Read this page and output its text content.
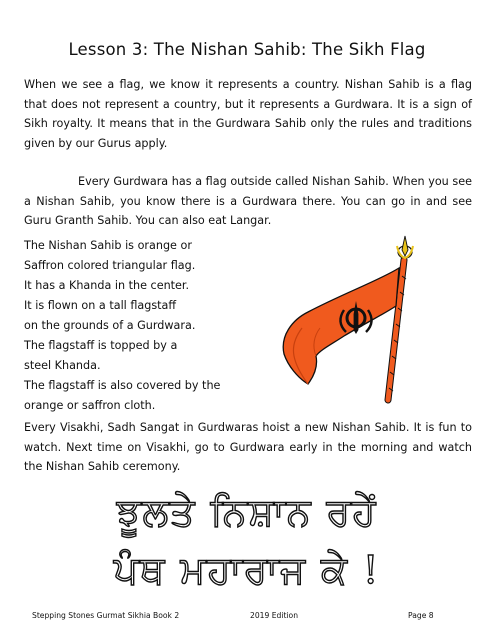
Lesson 3: The Nishan Sahib: The Sikh Flag

When we see a flag, we know it represents a country. Nishan Sahib is a flag that does not represent a country, but it represents a Gurdwara. It is a sign of Sikh royalty. It means that in the Gurdwara Sahib only the rules and traditions given by our Gurus apply.

Every Gurdwara has a flag outside called Nishan Sahib. When you see a Nishan Sahib, you know there is a Gurdwara there. You can go in and see Guru Granth Sahib. You can also eat Langar.

The Nishan Sahib is orange or
Saffron colored triangular flag.
It has a Khanda in the center.
It is flown on a tall flagstaff
on the grounds of a Gurdwara.
The flagstaff is topped by a
steel Khanda.
The flagstaff is also covered by the
orange or saffron cloth.

Every Visakhi, Sadh Sangat in Gurdwaras hoist a new Nishan Sahib. It is fun to watch. Next time on Visakhi, go to Gurdwara early in the morning and watch the Nishan Sahib ceremony.

ਝੂਲਤੇ ਨਿਸ਼ਾਨ ਰਹੇਂ
ਪੰਥ ਮਹਾਰਾਜ ਕੇ !
Stepping Stones Gurmat Sikhia Book 2	2019 Edition	Page 8
